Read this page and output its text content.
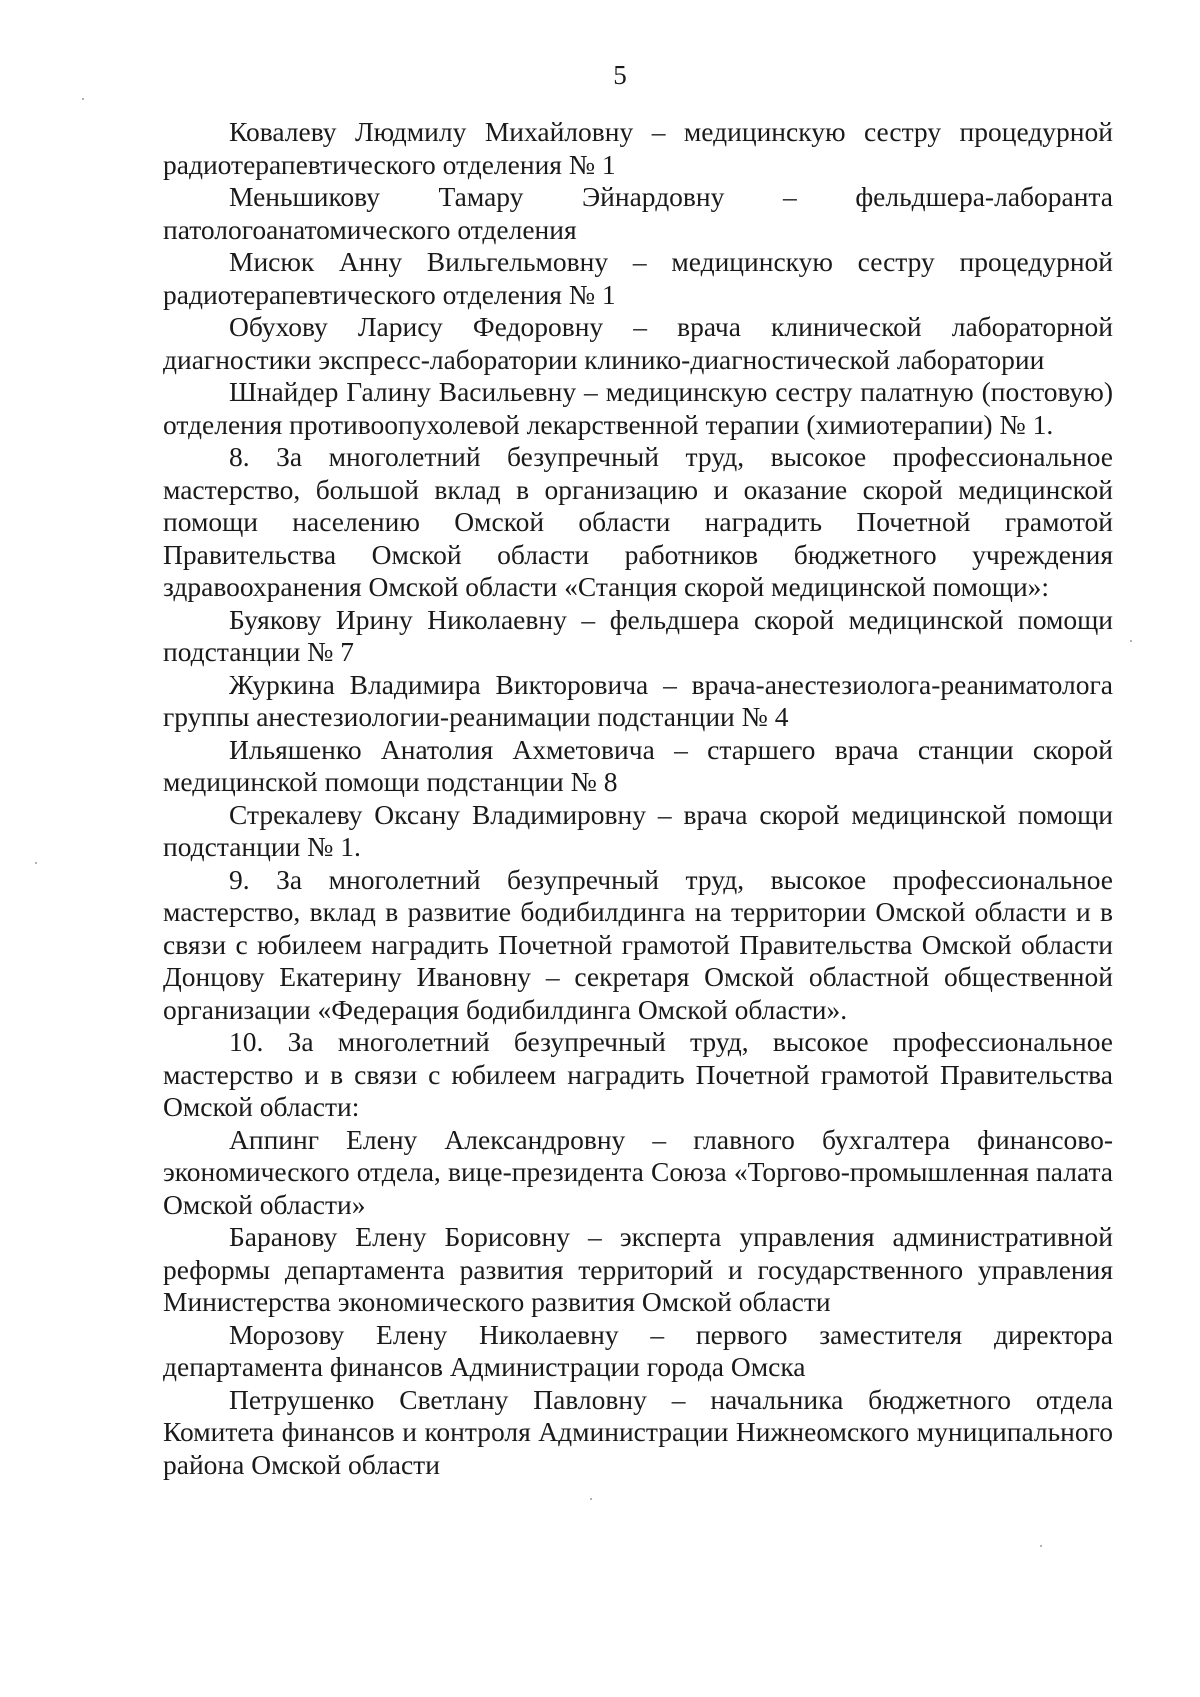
5

Ковалеву Людмилу Михайловну – медицинскую сестру процедурной радиотерапевтического отделения № 1

Меньшикову Тамару Эйнардовну – фельдшера-лаборанта патологоанатомического отделения

Мисюк Анну Вильгельмовну – медицинскую сестру процедурной радиотерапевтического отделения № 1

Обухову Ларису Федоровну – врача клинической лабораторной диагностики экспресс-лаборатории клинико-диагностической лаборатории

Шнайдер Галину Васильевну – медицинскую сестру палатную (постовую) отделения противоопухолевой лекарственной терапии (химиотерапии) № 1.

8. За многолетний безупречный труд, высокое профессиональное мастерство, большой вклад в организацию и оказание скорой медицинской помощи населению Омской области наградить Почетной грамотой Правительства Омской области работников бюджетного учреждения здравоохранения Омской области «Станция скорой медицинской помощи»:

Буякову Ирину Николаевну – фельдшера скорой медицинской помощи подстанции № 7

Журкина Владимира Викторовича – врача-анестезиолога-реаниматолога группы анестезиологии-реанимации подстанции № 4

Ильяшенко Анатолия Ахметовича – старшего врача станции скорой медицинской помощи подстанции № 8

Стрекалеву Оксану Владимировну – врача скорой медицинской помощи подстанции № 1.

9. За многолетний безупречный труд, высокое профессиональное мастерство, вклад в развитие бодибилдинга на территории Омской области и в связи с юбилеем наградить Почетной грамотой Правительства Омской области Донцову Екатерину Ивановну – секретаря Омской областной общественной организации «Федерация бодибилдинга Омской области».

10. За многолетний безупречный труд, высокое профессиональное мастерство и в связи с юбилеем наградить Почетной грамотой Правительства Омской области:

Аппинг Елену Александровну – главного бухгалтера финансово-экономического отдела, вице-президента Союза «Торгово-промышленная палата Омской области»

Баранову Елену Борисовну – эксперта управления административной реформы департамента развития территорий и государственного управления Министерства экономического развития Омской области

Морозову Елену Николаевну – первого заместителя директора департамента финансов Администрации города Омска

Петрушенко Светлану Павловну – начальника бюджетного отдела Комитета финансов и контроля Администрации Нижнеомского муниципального района Омской области
